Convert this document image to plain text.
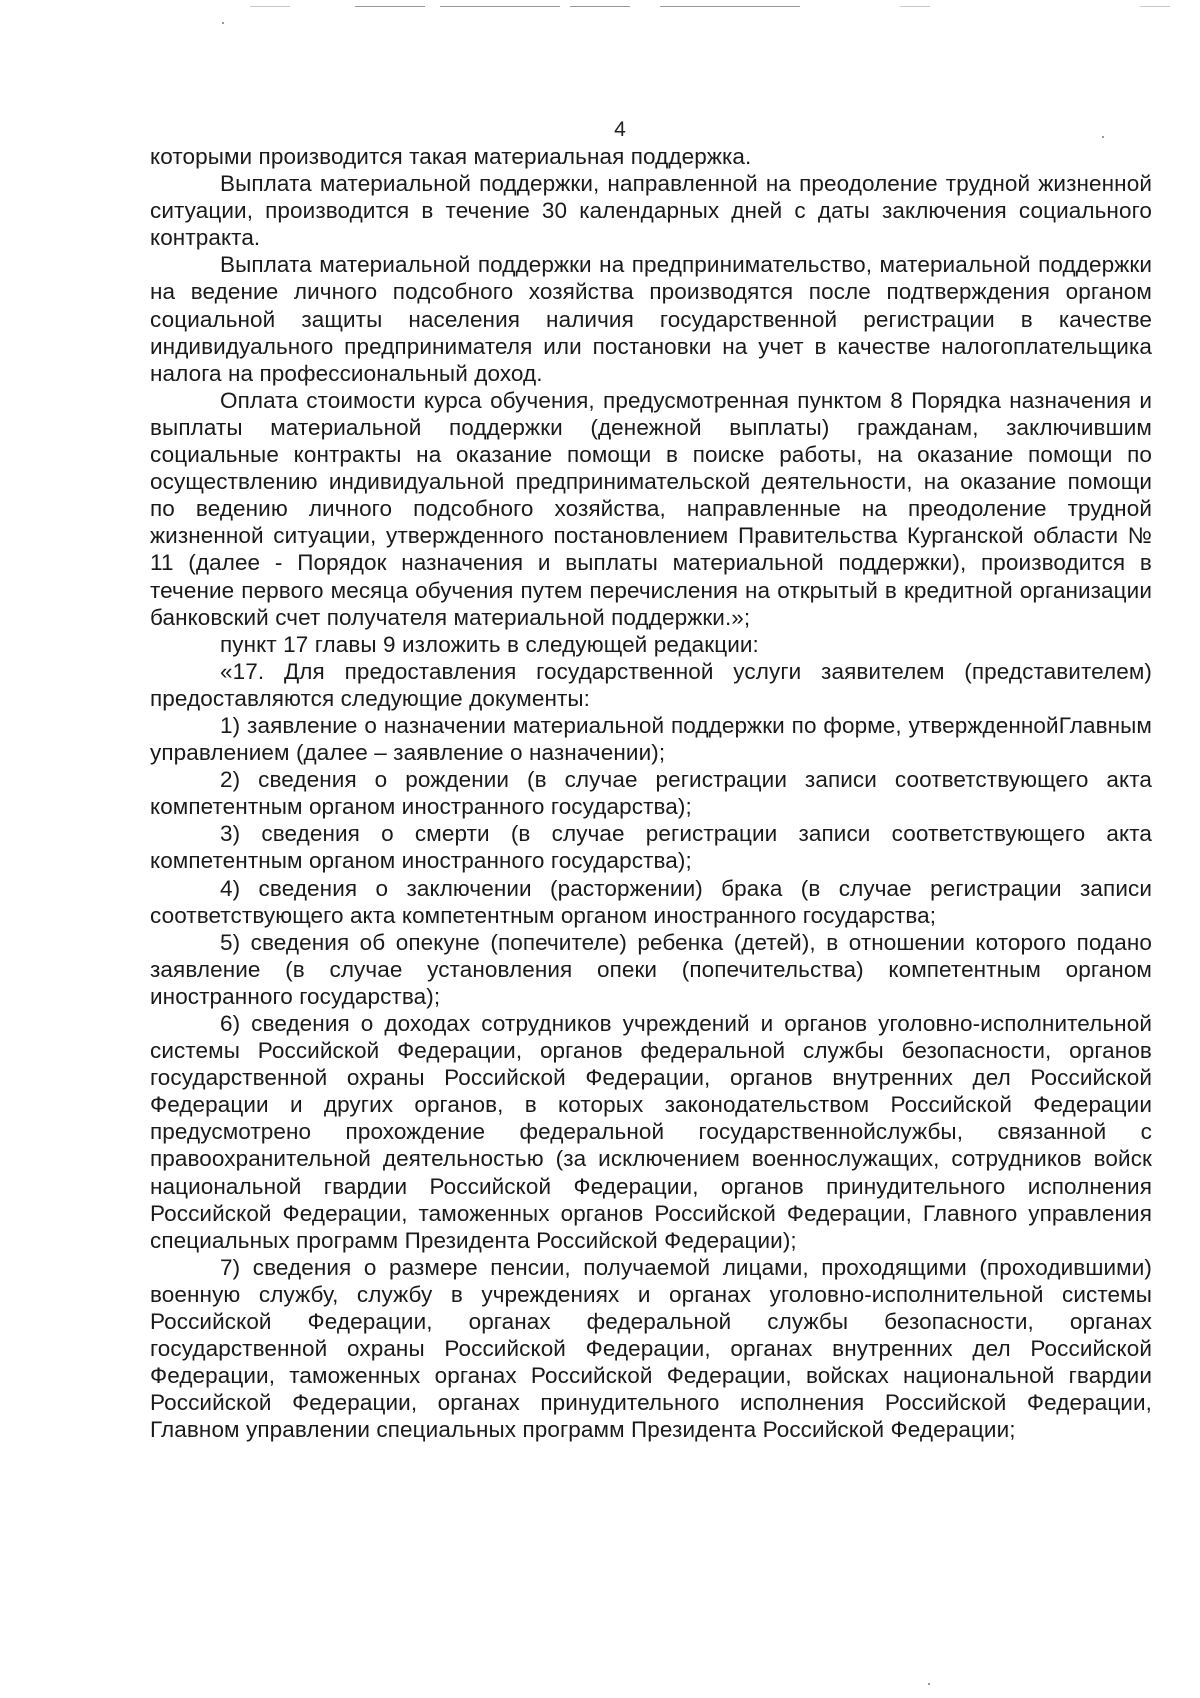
4

которыми производится такая материальная поддержка.

Выплата материальной поддержки, направленной на преодоление трудной жизненной ситуации, производится в течение 30 календарных дней с даты заключения социального контракта.

Выплата материальной поддержки на предпринимательство, материальной поддержки на ведение личного подсобного хозяйства производятся после подтверждения органом социальной защиты населения наличия государственной регистрации в качестве индивидуального предпринимателя или постановки на учет в качестве налогоплательщика налога на профессиональный доход.

Оплата стоимости курса обучения, предусмотренная пунктом 8 Порядка назначения и выплаты материальной поддержки (денежной выплаты) гражданам, заключившим социальные контракты на оказание помощи в поиске работы, на оказание помощи по осуществлению индивидуальной предпринимательской деятельности, на оказание помощи по ведению личного подсобного хозяйства, направленные на преодоление трудной жизненной ситуации, утвержденного постановлением Правительства Курганской области № 11 (далее - Порядок назначения и выплаты материальной поддержки), производится в течение первого месяца обучения путем перечисления на открытый в кредитной организации банковский счет получателя материальной поддержки.»;

пункт 17 главы 9 изложить в следующей редакции:

«17. Для предоставления государственной услуги заявителем (представителем) предоставляются следующие документы:

1) заявление о назначении материальной поддержки по форме, утвержденнойГлавным управлением (далее – заявление о назначении);

2) сведения о рождении (в случае регистрации записи соответствующего акта компетентным органом иностранного государства);

3) сведения о смерти (в случае регистрации записи соответствующего акта компетентным органом иностранного государства);

4) сведения о заключении (расторжении) брака (в случае регистрации записи соответствующего акта компетентным органом иностранного государства;

5) сведения об опекуне (попечителе) ребенка (детей), в отношении которого подано заявление (в случае установления опеки (попечительства) компетентным органом иностранного государства);

6) сведения о доходах сотрудников учреждений и органов уголовно-исполнительной системы Российской Федерации, органов федеральной службы безопасности, органов государственной охраны Российской Федерации, органов внутренних дел Российской Федерации и других органов, в которых законодательством Российской Федерации предусмотрено прохождение федеральной государственнойслужбы, связанной с правоохранительной деятельностью (за исключением военнослужащих, сотрудников войск национальной гвардии Российской Федерации, органов принудительного исполнения Российской Федерации, таможенных органов Российской Федерации, Главного управления специальных программ Президента Российской Федерации);

7) сведения о размере пенсии, получаемой лицами, проходящими (проходившими) военную службу, службу в учреждениях и органах уголовно-исполнительной системы Российской Федерации, органах федеральной службы безопасности, органах государственной охраны Российской Федерации, органах внутренних дел Российской Федерации, таможенных органах Российской Федерации, войсках национальной гвардии Российской Федерации, органах принудительного исполнения Российской Федерации, Главном управлении специальных программ Президента Российской Федерации;
